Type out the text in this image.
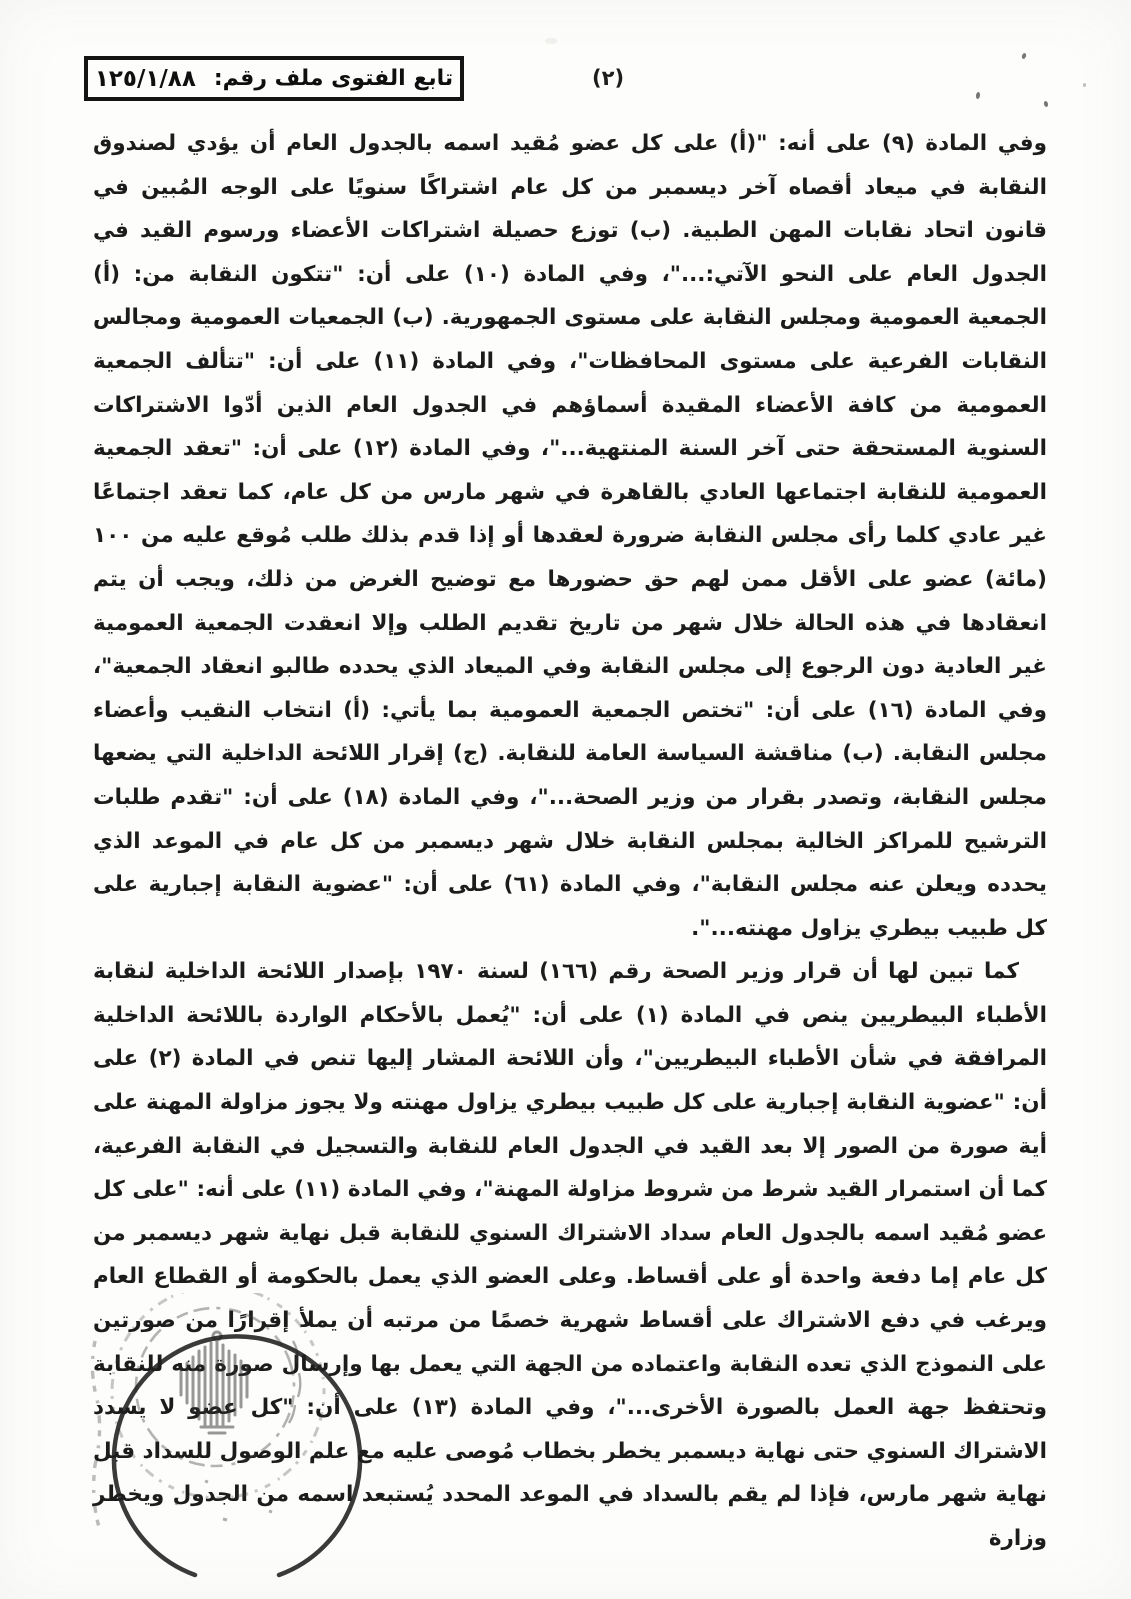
تابع الفتوى ملف رقم:
١٢٥/١/٨٨	(٢)

وفي المادة (٩) على أنه: "(أ) على كل عضو مُقيد اسمه بالجدول العام أن يؤدي لصندوق النقابة في ميعاد أقصاه آخر ديسمبر من كل عام اشتراكًا سنويًا على الوجه المُبين في قانون اتحاد نقابات المهن الطبية. (ب) توزع حصيلة اشتراكات الأعضاء ورسوم القيد في الجدول العام على النحو الآتي:..."، وفي المادة (١٠) على أن: "تتكون النقابة من: (أ) الجمعية العمومية ومجلس النقابة على مستوى الجمهورية. (ب) الجمعيات العمومية ومجالس النقابات الفرعية على مستوى المحافظات"، وفي المادة (١١) على أن: "تتألف الجمعية العمومية من كافة الأعضاء المقيدة أسماؤهم في الجدول العام الذين أدّوا الاشتراكات السنوية المستحقة حتى آخر السنة المنتهية..."، وفي المادة (١٢) على أن: "تعقد الجمعية العمومية للنقابة اجتماعها العادي بالقاهرة في شهر مارس من كل عام، كما تعقد اجتماعًا غير عادي كلما رأى مجلس النقابة ضرورة لعقدها أو إذا قدم بذلك طلب مُوقع عليه من ١٠٠ (مائة) عضو على الأقل ممن لهم حق حضورها مع توضيح الغرض من ذلك، ويجب أن يتم انعقادها في هذه الحالة خلال شهر من تاريخ تقديم الطلب وإلا انعقدت الجمعية العمومية غير العادية دون الرجوع إلى مجلس النقابة وفي الميعاد الذي يحدده طالبو انعقاد الجمعية"، وفي المادة (١٦) على أن: "تختص الجمعية العمومية بما يأتي: (أ) انتخاب النقيب وأعضاء مجلس النقابة. (ب) مناقشة السياسة العامة للنقابة. (ج) إقرار اللائحة الداخلية التي يضعها مجلس النقابة، وتصدر بقرار من وزير الصحة..."، وفي المادة (١٨) على أن: "تقدم طلبات الترشيح للمراكز الخالية بمجلس النقابة خلال شهر ديسمبر من كل عام في الموعد الذي يحدده ويعلن عنه مجلس النقابة"، وفي المادة (٦١) على أن: "عضوية النقابة إجبارية على كل طبيب بيطري يزاول مهنته...".

كما تبين لها أن قرار وزير الصحة رقم (١٦٦) لسنة ١٩٧٠ بإصدار اللائحة الداخلية لنقابة الأطباء البيطريين ينص في المادة (١) على أن: "يُعمل بالأحكام الواردة باللائحة الداخلية المرافقة في شأن الأطباء البيطريين"، وأن اللائحة المشار إليها تنص في المادة (٢) على أن: "عضوية النقابة إجبارية على كل طبيب بيطري يزاول مهنته ولا يجوز مزاولة المهنة على أية صورة من الصور إلا بعد القيد في الجدول العام للنقابة والتسجيل في النقابة الفرعية، كما أن استمرار القيد شرط من شروط مزاولة المهنة"، وفي المادة (١١) على أنه: "على كل عضو مُقيد اسمه بالجدول العام سداد الاشتراك السنوي للنقابة قبل نهاية شهر ديسمبر من كل عام إما دفعة واحدة أو على أقساط. وعلى العضو الذي يعمل بالحكومة أو القطاع العام ويرغب في دفع الاشتراك على أقساط شهرية خصمًا من مرتبه أن يملأ إقرارًا من صورتين على النموذج الذي تعده النقابة واعتماده من الجهة التي يعمل بها وإرسال صورة منه للنقابة وتحتفظ جهة العمل بالصورة الأخرى..."، وفي المادة (١٣) على أن: "كل عضو لا يسدد الاشتراك السنوي حتى نهاية ديسمبر يخطر بخطاب مُوصى عليه مع علم الوصول للسداد قبل نهاية شهر مارس، فإذا لم يقم بالسداد في الموعد المحدد يُستبعد اسمه من الجدول ويخطر وزارة
